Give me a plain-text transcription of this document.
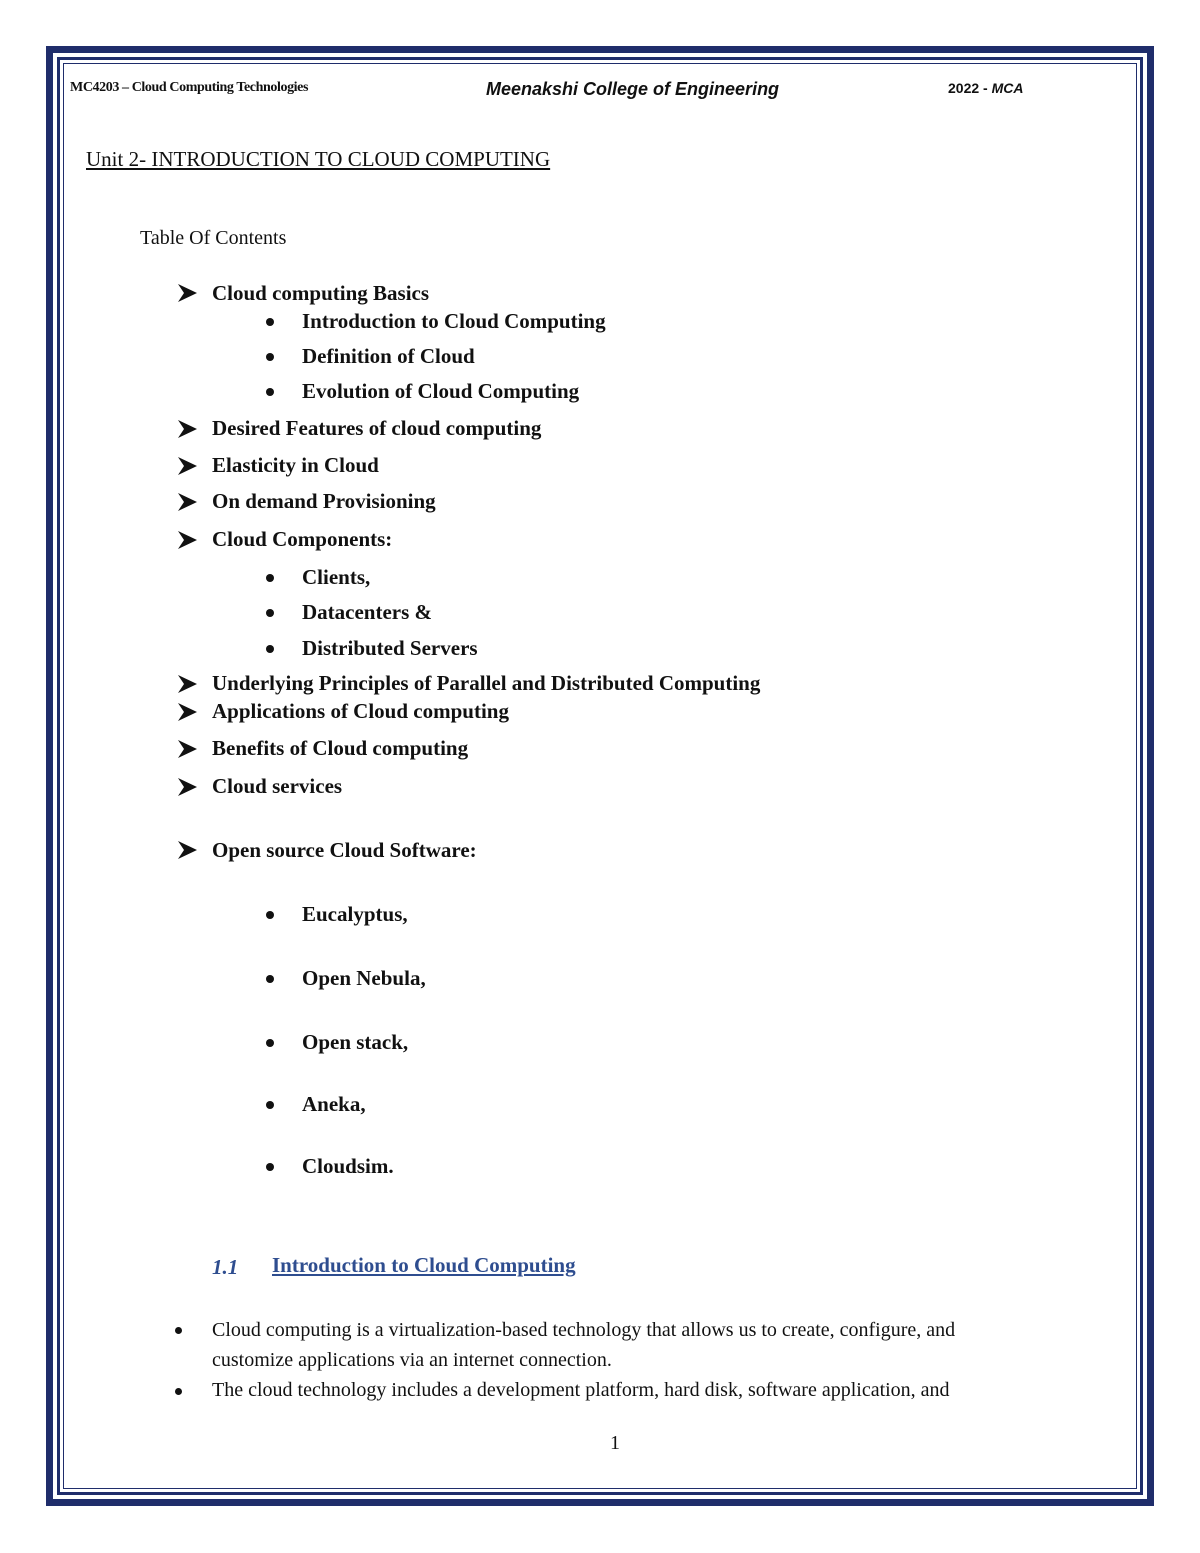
MC4203 – Cloud Computing Technologies	Meenakshi College of Engineering	2022 - MCA
Unit 2- INTRODUCTION TO CLOUD COMPUTING
Table Of Contents
Cloud computing Basics
Introduction to Cloud Computing
Definition of Cloud
Evolution of Cloud Computing
Desired Features of cloud computing
Elasticity in Cloud
On demand Provisioning
Cloud Components:
Clients,
Datacenters &
Distributed Servers
Underlying Principles of Parallel and Distributed Computing
Applications of Cloud computing
Benefits of Cloud computing
Cloud services
Open source Cloud Software:
Eucalyptus,
Open Nebula,
Open stack,
Aneka,
Cloudsim.
1.1 Introduction to Cloud Computing
Cloud computing is a virtualization-based technology that allows us to create, configure, and
customize applications via an internet connection.
The cloud technology includes a development platform, hard disk, software application, and
1
